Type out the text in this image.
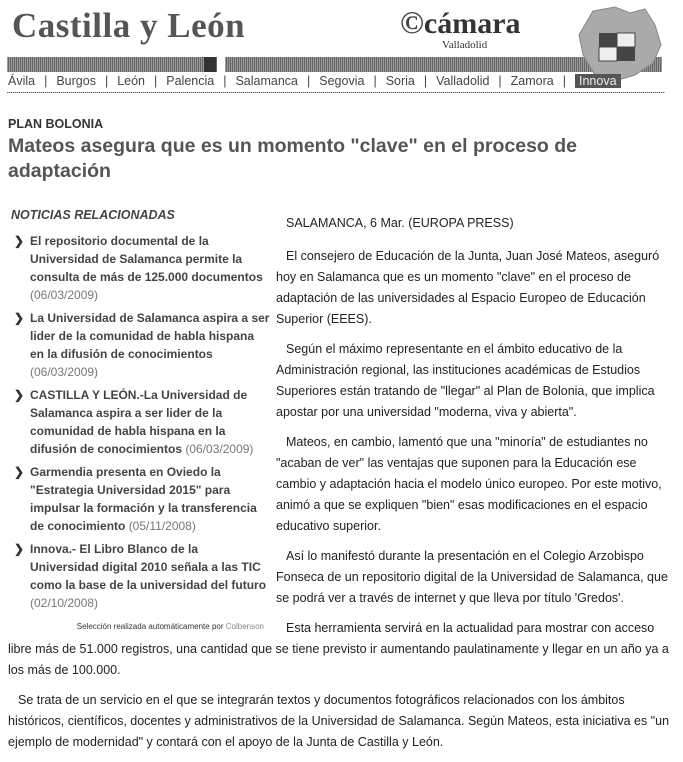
Castilla y León	©cámara
Valladolid
Ávila | Burgos | León | Palencia | Salamanca | Segovia | Soria | Valladolid | Zamora |	Innova
PLAN BOLONIA
Mateos asegura que es un momento "clave" en el proceso de adaptación
NOTICIAS RELACIONADAS
❯ El repositorio documental de la Universidad de Salamanca permite la consulta de más de 125.000 documentos (06/03/2009)
❯ La Universidad de Salamanca aspira a ser lider de la comunidad de habla hispana en la difusión de conocimientos (06/03/2009)
❯ CASTILLA Y LEÓN.-La Universidad de Salamanca aspira a ser lider de la comunidad de habla hispana en la difusión de conocimientos (06/03/2009)
❯ Garmendia presenta en Oviedo la "Estrategia Universidad 2015" para impulsar la formación y la transferencia de conocimiento (05/11/2008)
❯ Innova.- El Libro Blanco de la Universidad digital 2010 señala a las TIC como la base de la universidad del futuro (02/10/2008)
Selección realizada automáticamente por Colbenson

SALAMANCA, 6 Mar. (EUROPA PRESS)

El consejero de Educación de la Junta, Juan José Mateos, aseguró hoy en Salamanca que es un momento "clave" en el proceso de adaptación de las universidades al Espacio Europeo de Educación Superior (EEES).

Según el máximo representante en el ámbito educativo de la Administración regional, las instituciones académicas de Estudios Superiores están tratando de "llegar" al Plan de Bolonia, que implica apostar por una universidad "moderna, viva y abierta".

Mateos, en cambio, lamentó que una "minoría" de estudiantes no "acaban de ver" las ventajas que suponen para la Educación ese cambio y adaptación hacia el modelo único europeo. Por este motivo, animó a que se expliquen "bien" esas modificaciones en el espacio educativo superior.

Así lo manifestó durante la presentación en el Colegio Arzobispo Fonseca de un repositorio digital de la Universidad de Salamanca, que se podrá ver a través de internet y que lleva por título 'Gredos'.

Esta herramienta servirá en la actualidad para mostrar con acceso libre más de 51.000 registros, una cantidad que se tiene previsto ir aumentando paulatinamente y llegar en un año ya a los más de 100.000.

Se trata de un servicio en el que se integrarán textos y documentos fotográficos relacionados con los ámbitos históricos, científicos, docentes y administrativos de la Universidad de Salamanca. Según Mateos, esta iniciativa es "un ejemplo de modernidad" y contará con el apoyo de la Junta de Castilla y León.
